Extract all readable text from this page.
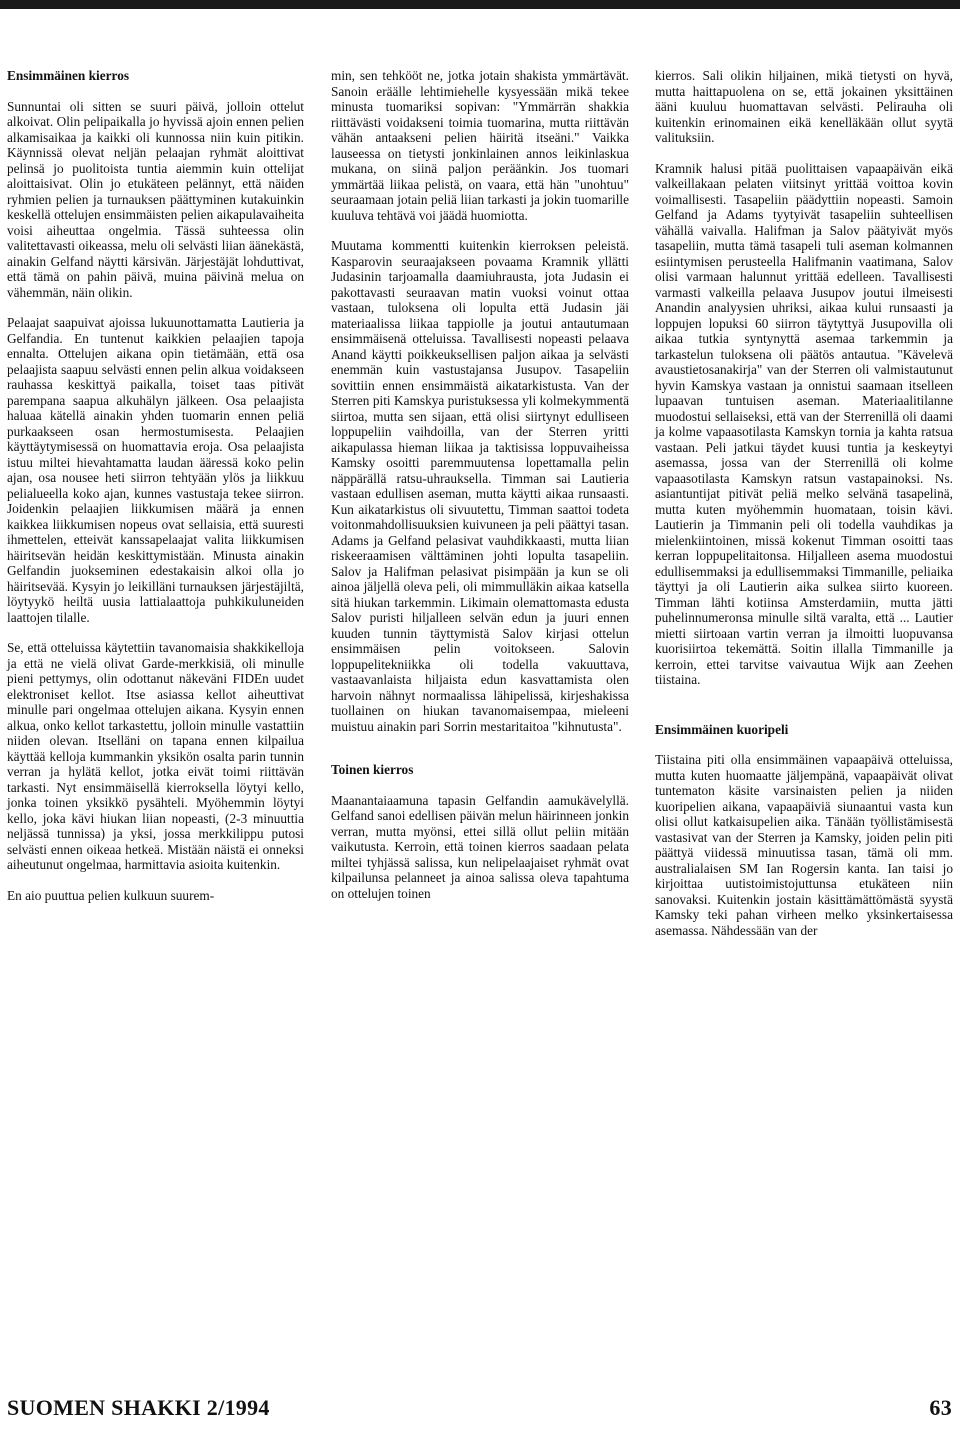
Ensimmäinen kierros

Sunnuntai oli sitten se suuri päivä, jolloin ottelut alkoivat. Olin pelipaikalla jo hyvissä ajoin ennen pelien alkamisaikaa ja kaikki oli kunnossa niin kuin pitikin. Käynnissä olevat neljän pelaajan ryhmät aloittivat pelinsä jo puolitoista tuntia aiemmin kuin ottelijat aloittaisivat. Olin jo etukäteen pelännyt, että näiden ryhmien pelien ja turnauksen päättyminen kutakuinkin keskellä ottelujen ensimmäisten pelien aikapulavaiheita voisi aiheuttaa ongelmia. Tässä suhteessa olin valitettavasti oikeassa, melu oli selvästi liian äänekästä, ainakin Gelfand näytti kärsivän. Järjestäjät lohduttivat, että tämä on pahin päivä, muina päivinä melua on vähemmän, näin olikin.

Pelaajat saapuivat ajoissa lukuunottamatta Lautieria ja Gelfandia. En tuntenut kaikkien pelaajien tapoja ennalta. Ottelujen aikana opin tietämään, että osa pelaajista saapuu selvästi ennen pelin alkua voidakseen rauhassa keskittyä paikalla, toiset taas pitivät parempana saapua alkuhälyn jälkeen. Osa pelaajista haluaa kätellä ainakin yhden tuomarin ennen peliä purkaakseen osan hermostumisesta. Pelaajien käyttäytymisessä on huomattavia eroja. Osa pelaajista istuu miltei hievahtamatta laudan ääressä koko pelin ajan, osa nousee heti siirron tehtyään ylös ja liikkuu pelialueella koko ajan, kunnes vastustaja tekee siirron. Joidenkin pelaajien liikkumisen määrä ja ennen kaikkea liikkumisen nopeus ovat sellaisia, että suuresti ihmettelen, etteivät kanssapelaajat valita liikkumisen häiritsevän heidän keskittymistään. Minusta ainakin Gelfandin juokseminen edestakaisin alkoi olla jo häiritsevää. Kysyin jo leikilläni turnauksen järjestäjiltä, löytyykö heiltä uusia lattialaattoja puhkikuluneiden laattojen tilalle.

Se, että otteluissa käytettiin tavanomaisia shakkikelloja ja että ne vielä olivat Garde-merkkisiä, oli minulle pieni pettymys, olin odottanut näkeväni FIDEn uudet elektroniset kellot. Itse asiassa kellot aiheuttivat minulle pari ongelmaa ottelujen aikana. Kysyin ennen alkua, onko kellot tarkastettu, jolloin minulle vastattiin niiden olevan. Itselläni on tapana ennen kilpailua käyttää kelloja kummankin yksikön osalta parin tunnin verran ja hylätä kellot, jotka eivät toimi riittävän tarkasti. Nyt ensimmäisellä kierroksella löytyi kello, jonka toinen yksikkö pysähteli. Myöhemmin löytyi kello, joka kävi hiukan liian nopeasti, (2-3 minuuttia neljässä tunnissa) ja yksi, jossa merkkilippu putosi selvästi ennen oikeaa hetkeä. Mistään näistä ei onneksi aiheutunut ongelmaa, harmittavia asioita kuitenkin.

En aio puuttua pelien kulkuun suurem-

min, sen tehkööt ne, jotka jotain shakista ymmärtävät. Sanoin eräälle lehtimiehelle kysyessään mikä tekee minusta tuomariksi sopivan: "Ymmärrän shakkia riittävästi voidakseni toimia tuomarina, mutta riittävän vähän antaakseni pelien häiritä itseäni." Vaikka lauseessa on tietysti jonkinlainen annos leikinlaskua mukana, on siinä paljon peräänkin. Jos tuomari ymmärtää liikaa pelistä, on vaara, että hän "unohtuu" seuraamaan jotain peliä liian tarkasti ja jokin tuomarille kuuluva tehtävä voi jäädä huomiotta.

Muutama kommentti kuitenkin kierroksen peleistä. Kasparovin seuraajakseen povaama Kramnik yllätti Judasinin tarjoamalla daamiuhrausta, jota Judasin ei pakottavasti seuraavan matin vuoksi voinut ottaa vastaan, tuloksena oli lopulta että Judasin jäi materiaalissa liikaa tappiolle ja joutui antautumaan ensimmäisenä otteluissa. Tavallisesti nopeasti pelaava Anand käytti poikkeuksellisen paljon aikaa ja selvästi enemmän kuin vastustajansa Jusupov. Tasapeliin sovittiin ennen ensimmäistä aikatarkistusta. Van der Sterren piti Kamskya puristuksessa yli kolmekymmentä siirtoa, mutta sen sijaan, että olisi siirtynyt edulliseen loppupeliin vaihdoilla, van der Sterren yritti aikapulassa hieman liikaa ja taktisissa loppuvaiheissa Kamsky osoitti paremmuutensa lopettamalla pelin näppärällä ratsu-uhrauksella. Timman sai Lautieria vastaan edullisen aseman, mutta käytti aikaa runsaasti. Kun aikatarkistus oli sivuutettu, Timman saattoi todeta voitonmahdollisuuksien kuivuneen ja peli päättyi tasan. Adams ja Gelfand pelasivat vauhdikkaasti, mutta liian riskeeraamisen välttäminen johti lopulta tasapeliin. Salov ja Halifman pelasivat pisimpään ja kun se oli ainoa jäljellä oleva peli, oli mimmulläkin aikaa katsella sitä hiukan tarkemmin. Likimain olemattomasta edusta Salov puristi hiljalleen selvän edun ja juuri ennen kuuden tunnin täyttymistä Salov kirjasi ottelun ensimmäisen pelin voitokseen. Salovin loppupelitekniikka oli todella vakuuttava, vastaavanlaista hiljaista edun kasvattamista olen harvoin nähnyt normaalissa lähipelissä, kirjeshakissa tuollainen on hiukan tavanomaisempaa, mieleeni muistuu ainakin pari Sorrin mestaritaitoa "kihnutusta".

Toinen kierros

Maanantaiaamuna tapasin Gelfandin aamukävelyllä. Gelfand sanoi edellisen päivän melun häirinneen jonkin verran, mutta myönsi, ettei sillä ollut peliin mitään vaikutusta. Kerroin, että toinen kierros saadaan pelata miltei tyhjässä salissa, kun nelipelaajaiset ryhmät ovat kilpailunsa pelanneet ja ainoa salissa oleva tapahtuma on ottelujen toinen

kierros. Sali olikin hiljainen, mikä tietysti on hyvä, mutta haittapuolena on se, että jokainen yksittäinen ääni kuuluu huomattavan selvästi. Pelirauha oli kuitenkin erinomainen eikä kenelläkään ollut syytä valituksiin.

Kramnik halusi pitää puolittaisen vapaapäivän eikä valkeillakaan pelaten viitsinyt yrittää voittoa kovin voimallisesti. Tasapeliin päädyttiin nopeasti. Samoin Gelfand ja Adams tyytyivät tasapeliin suhteellisen vähällä vaivalla. Halifman ja Salov päätyivät myös tasapeliin, mutta tämä tasapeli tuli aseman kolmannen esiintymisen perusteella Halifmanin vaatimana, Salov olisi varmaan halunnut yrittää edelleen. Tavallisesti varmasti valkeilla pelaava Jusupov joutui ilmeisesti Anandin analyysien uhriksi, aikaa kului runsaasti ja loppujen lopuksi 60 siirron täytyttyä Jusupovilla oli aikaa tutkia syntynyttä asemaa tarkemmin ja tarkastelun tuloksena oli päätös antautua. "Kävelevä avaustietosanakirja" van der Sterren oli valmistautunut hyvin Kamskya vastaan ja onnistui saamaan itselleen lupaavan tuntuisen aseman. Materiaalitilanne muodostui sellaiseksi, että van der Sterrenillä oli daami ja kolme vapaasotilasta Kamskyn tornia ja kahta ratsua vastaan. Peli jatkui täydet kuusi tuntia ja keskeytyi asemassa, jossa van der Sterrenillä oli kolme vapaasotilasta Kamskyn ratsun vastapainoksi. Ns. asiantuntijat pitivät peliä melko selvänä tasapelinä, mutta kuten myöhemmin huomataan, toisin kävi. Lautierin ja Timmanin peli oli todella vauhdikas ja mielenkiintoinen, missä kokenut Timman osoitti taas kerran loppupelitaitonsa. Hiljalleen asema muodostui edullisemmaksi ja edullisemmaksi Timmanille, peliaika täyttyi ja oli Lautierin aika sulkea siirto kuoreen. Timman lähti kotiinsa Amsterdamiin, mutta jätti puhelinnumeronsa minulle siltä varalta, että ... Lautier mietti siirtoaan vartin verran ja ilmoitti luopuvansa kuorisiirtoa tekemättä. Soitin illalla Timmanille ja kerroin, ettei tarvitse vaivautua Wijk aan Zeehen tiistaina.

Ensimmäinen kuoripeli

Tiistaina piti olla ensimmäinen vapaapäivä otteluissa, mutta kuten huomaatte jäljempänä, vapaapäivät olivat tuntematon käsite varsinaisten pelien ja niiden kuoripelien aikana, vapaapäiviä siunaantui vasta kun olisi ollut katkaisupelien aika. Tänään työllistämisestä vastasivat van der Sterren ja Kamsky, joiden pelin piti päättyä viidessä minuutissa tasan, tämä oli mm. australialaisen SM Ian Rogersin kanta. Ian taisi jo kirjoittaa uutistoimistojuttunsa etukäteen niin sanovaksi. Kuitenkin jostain käsittämättömästä syystä Kamsky teki pahan virheen melko yksinkertaisessa asemassa. Nähdessään van der

SUOMEN SHAKKI 2/1994	63
